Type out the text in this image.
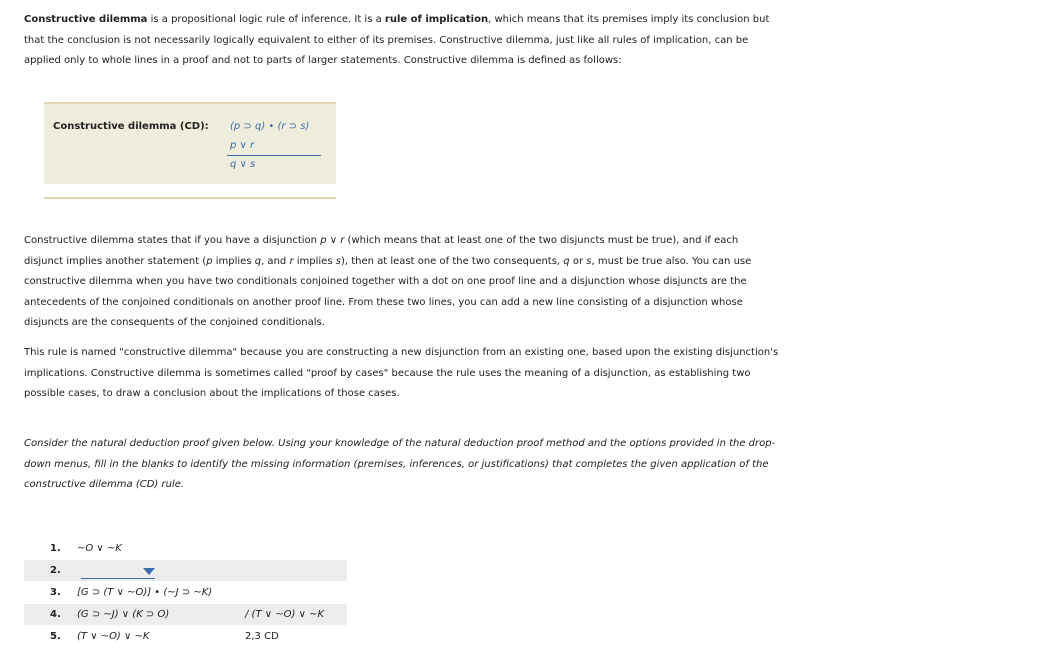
Constructive dilemma is a propositional logic rule of inference. It is a rule of implication, which means that its premises imply its conclusion but
that the conclusion is not necessarily logically equivalent to either of its premises. Constructive dilemma, just like all rules of implication, can be
applied only to whole lines in a proof and not to parts of larger statements. Constructive dilemma is defined as follows:
Constructive dilemma (CD): (p ⊃ q) • (r ⊃ s)
p ∨ r
q ∨ s
Constructive dilemma states that if you have a disjunction p ∨ r (which means that at least one of the two disjuncts must be true), and if each
disjunct implies another statement (p implies q, and r implies s), then at least one of the two consequents, q or s, must be true also. You can use
constructive dilemma when you have two conditionals conjoined together with a dot on one proof line and a disjunction whose disjuncts are the
antecedents of the conjoined conditionals on another proof line. From these two lines, you can add a new line consisting of a disjunction whose
disjuncts are the consequents of the conjoined conditionals.
This rule is named "constructive dilemma" because you are constructing a new disjunction from an existing one, based upon the existing disjunction's
implications. Constructive dilemma is sometimes called "proof by cases" because the rule uses the meaning of a disjunction, as establishing two
possible cases, to draw a conclusion about the implications of those cases.
Consider the natural deduction proof given below. Using your knowledge of the natural deduction proof method and the options provided in the drop-
down menus, fill in the blanks to identify the missing information (premises, inferences, or justifications) that completes the given application of the
constructive dilemma (CD) rule.
1. ~O ∨ ~K
2.
3. [G ⊃ (T ∨ ~O)] • (~J ⊃ ~K)
4. (G ⊃ ~J) ∨ (K ⊃ O)	/ (T ∨ ~O) ∨ ~K
5. (T ∨ ~O) ∨ ~K	2,3 CD
